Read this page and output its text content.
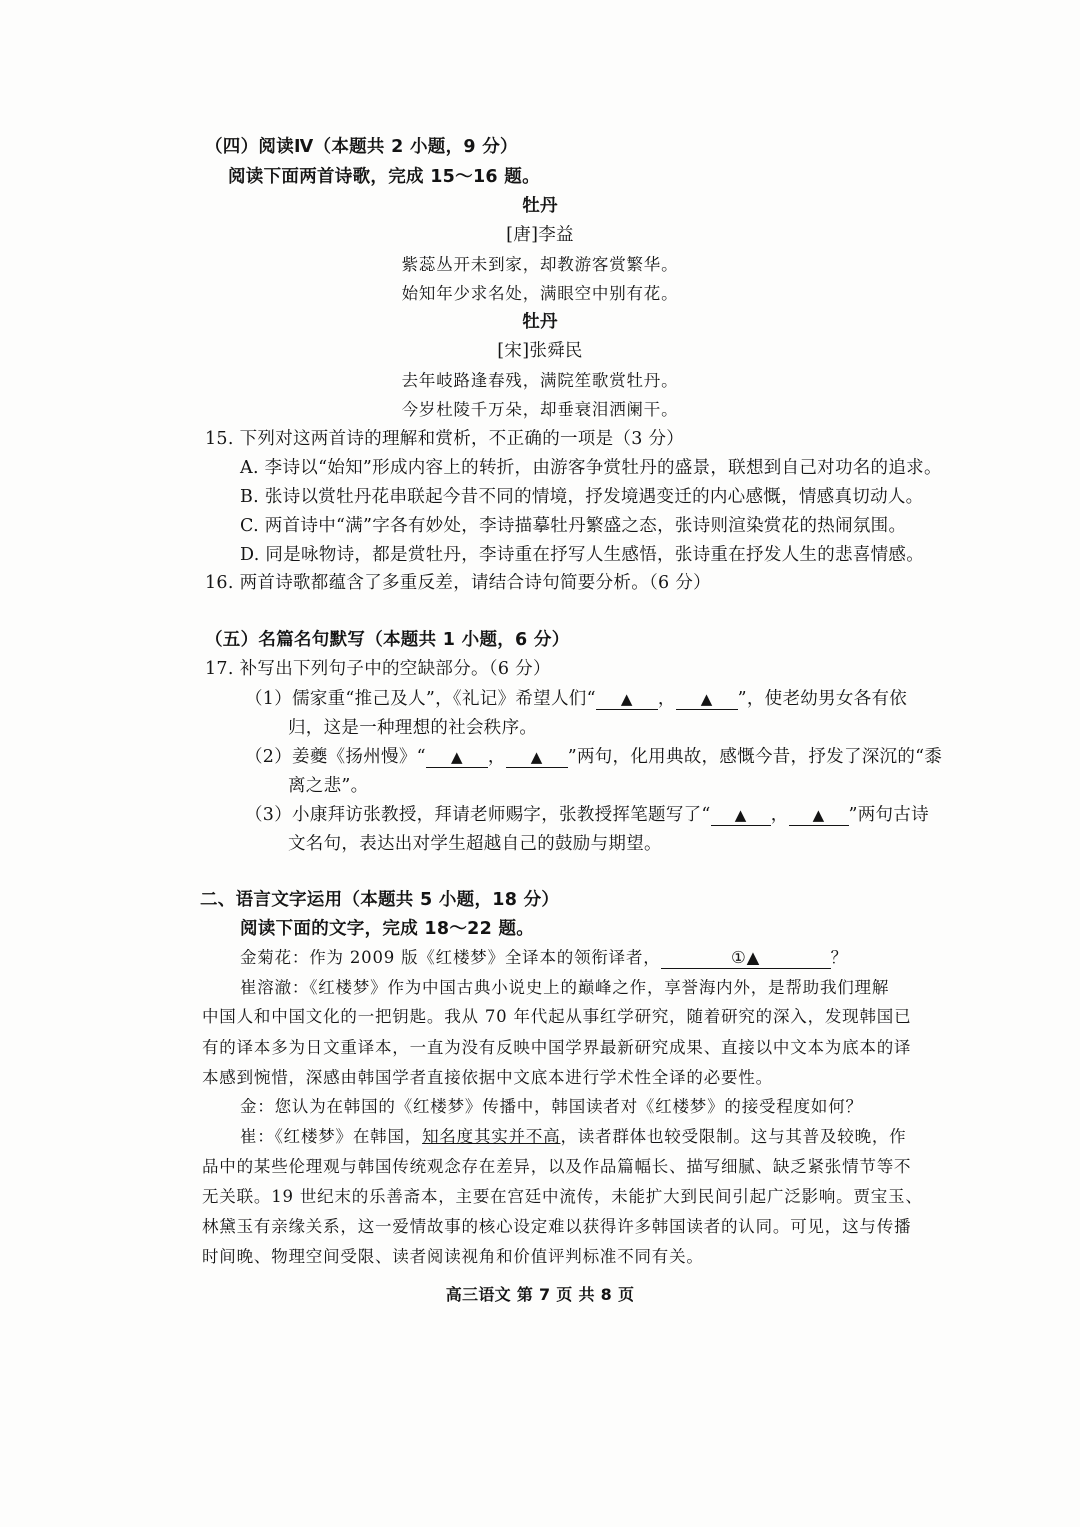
（四）阅读Ⅳ（本题共 2 小题，9 分）
阅读下面两首诗歌，完成 15～16 题。
牡丹
[唐]李益
紫蕊丛开未到家，却教游客赏繁华。
始知年少求名处，满眼空中别有花。
牡丹
[宋]张舜民
去年岐路逢春残，满院笙歌赏牡丹。
今岁杜陵千万朵，却垂衰泪洒阑干。
15. 下列对这两首诗的理解和赏析，不正确的一项是（3 分）
A. 李诗以“始知”形成内容上的转折，由游客争赏牡丹的盛景，联想到自己对功名的追求。
B. 张诗以赏牡丹花串联起今昔不同的情境，抒发境遇变迁的内心感慨，情感真切动人。
C. 两首诗中“满”字各有妙处，李诗描摹牡丹繁盛之态，张诗则渲染赏花的热闹氛围。
D. 同是咏物诗，都是赏牡丹，李诗重在抒写人生感悟，张诗重在抒发人生的悲喜情感。
16. 两首诗歌都蕴含了多重反差，请结合诗句简要分析。（6 分）
（五）名篇名句默写（本题共 1 小题，6 分）
17. 补写出下列句子中的空缺部分。（6 分）
（1）儒家重“推己及人”，《礼记》希望人们“ ▲ ， ▲ ”，使老幼男女各有依
归，这是一种理想的社会秩序。
（2）姜夔《扬州慢》“ ▲ ， ▲ ”两句，化用典故，感慨今昔，抒发了深沉的“黍
离之悲”。
（3）小康拜访张教授，拜请老师赐字，张教授挥笔题写了“ ▲ ， ▲ ”两句古诗
文名句，表达出对学生超越自己的鼓励与期望。
二、语言文字运用（本题共 5 小题，18 分）
阅读下面的文字，完成 18～22 题。
金菊花：作为 2009 版《红楼梦》全译本的领衔译者，	①▲	？
崔溶澈：《红楼梦》作为中国古典小说史上的巅峰之作，享誉海内外，是帮助我们理解
中国人和中国文化的一把钥匙。我从 70 年代起从事红学研究，随着研究的深入，发现韩国已
有的译本多为日文重译本，一直为没有反映中国学界最新研究成果、直接以中文本为底本的译
本感到惋惜，深感由韩国学者直接依据中文底本进行学术性全译的必要性。
金：您认为在韩国的《红楼梦》传播中，韩国读者对《红楼梦》的接受程度如何？
崔：《红楼梦》在韩国，知名度其实并不高，读者群体也较受限制。这与其普及较晚，作
品中的某些伦理观与韩国传统观念存在差异，以及作品篇幅长、描写细腻、缺乏紧张情节等不
无关联。19 世纪末的乐善斋本，主要在宫廷中流传，未能扩大到民间引起广泛影响。贾宝玉、
林黛玉有亲缘关系，这一爱情故事的核心设定难以获得许多韩国读者的认同。可见，这与传播
时间晚、物理空间受限、读者阅读视角和价值评判标准不同有关。
高三语文 第 7 页 共 8 页
